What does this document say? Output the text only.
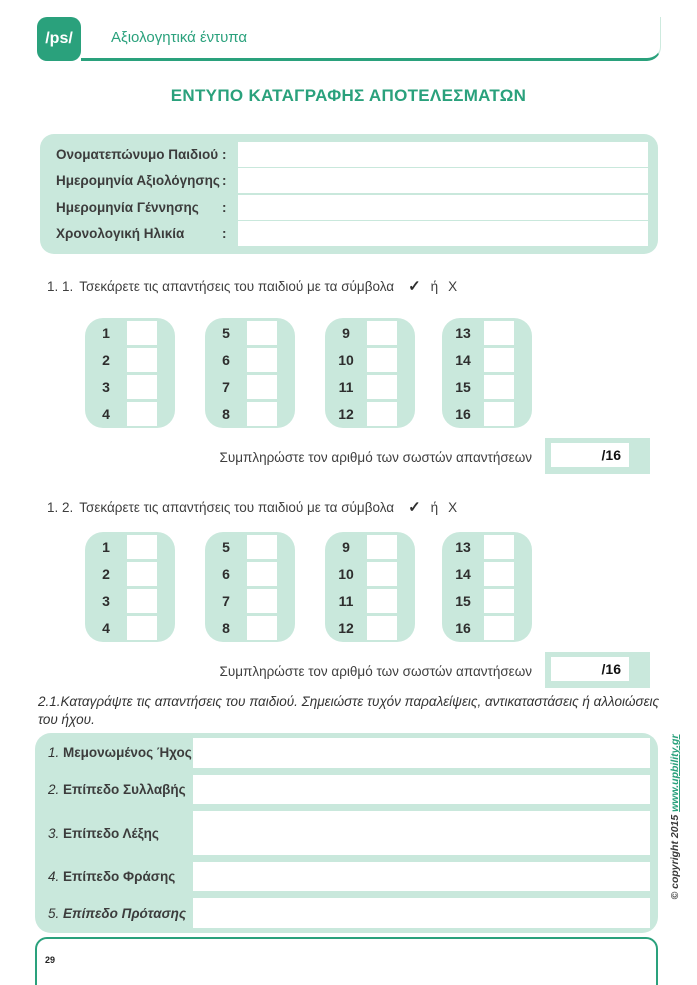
/ps/	Αξιολογητικά έντυπα
ΕΝΤΥΠΟ ΚΑΤΑΓΡΑΦΗΣ ΑΠΟΤΕΛΕΣΜΑΤΩΝ
Ονοματεπώνυμο Παιδιού :
Ημερομηνία Αξιολόγησης :
Ημερομηνία Γέννησης	:
Χρονολογική Ηλικία	:
1. 1. Τσεκάρετε τις απαντήσεις του παιδιού με τα σύμβολα ✓ ή X
1
2
3
4
5
6
7
8
9
10
11
12
13
14
15
16
Συμπληρώστε τον αριθμό των σωστών απαντήσεων	/16
1. 2. Τσεκάρετε τις απαντήσεις του παιδιού με τα σύμβολα ✓ ή X
1
2
3
4
5
6
7
8
9
10
11
12
13
14
15
16
Συμπληρώστε τον αριθμό των σωστών απαντήσεων	/16
2.1.Καταγράψτε τις απαντήσεις του παιδιού. Σημειώστε τυχόν παραλείψεις, αντικαταστάσεις ή αλλοιώσεις του ήχου.
1. Μεμονωμένος Ήχος
2. Επίπεδο Συλλαβής
3. Επίπεδο Λέξης
4. Επίπεδο Φράσης
5. Επίπεδο Πρότασης
29
© copyright 2015 www.upbility.gr
